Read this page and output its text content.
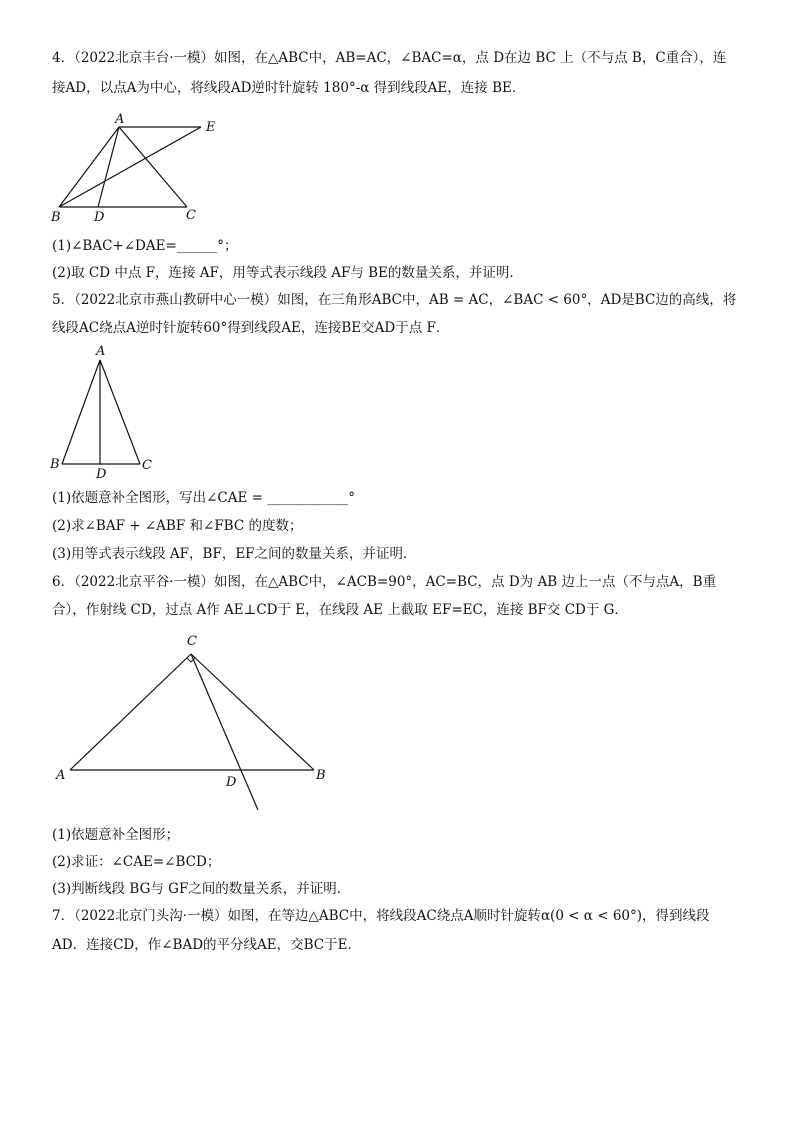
4．（2022北京丰台·一模）如图，在△ABC中，AB=AC，∠BAC=α，点 D在边 BC 上（不与点 B，C重合），连
接AD，以点A为中心，将线段AD逆时针旋转 180°-α 得到线段AE，连接 BE．
A
E
B	D	C
(1)∠BAC+∠DAE=______°；
(2)取 CD 中点 F，连接 AF，用等式表示线段 AF与 BE的数量关系，并证明．
5．（2022北京市燕山教研中心一模）如图，在三角形ABC中，AB = AC，∠BAC < 60°，AD是BC边的高线，将
线段AC绕点A逆时针旋转60°得到线段AE，连接BE交AD于点 F．
A
B
D
C
(1)依题意补全图形，写出∠CAE = ____________°
(2)求∠BAF + ∠ABF 和∠FBC 的度数；
(3)用等式表示线段 AF，BF，EF之间的数量关系，并证明．
6．（2022北京平谷·一模）如图，在△ABC中，∠ACB=90°，AC=BC，点 D为 AB 边上一点（不与点A，B重
合），作射线 CD，过点 A作 AE⊥CD于 E，在线段 AE 上截取 EF=EC，连接 BF交 CD于 G．
C
A	D	B
(1)依题意补全图形；
(2)求证：∠CAE=∠BCD；
(3)判断线段 BG与 GF之间的数量关系，并证明．
7．（2022北京门头沟·一模）如图，在等边△ABC中，将线段AC绕点A顺时针旋转α(0 < α < 60°)，得到线段
AD．连接CD，作∠BAD的平分线AE，交BC于E．
